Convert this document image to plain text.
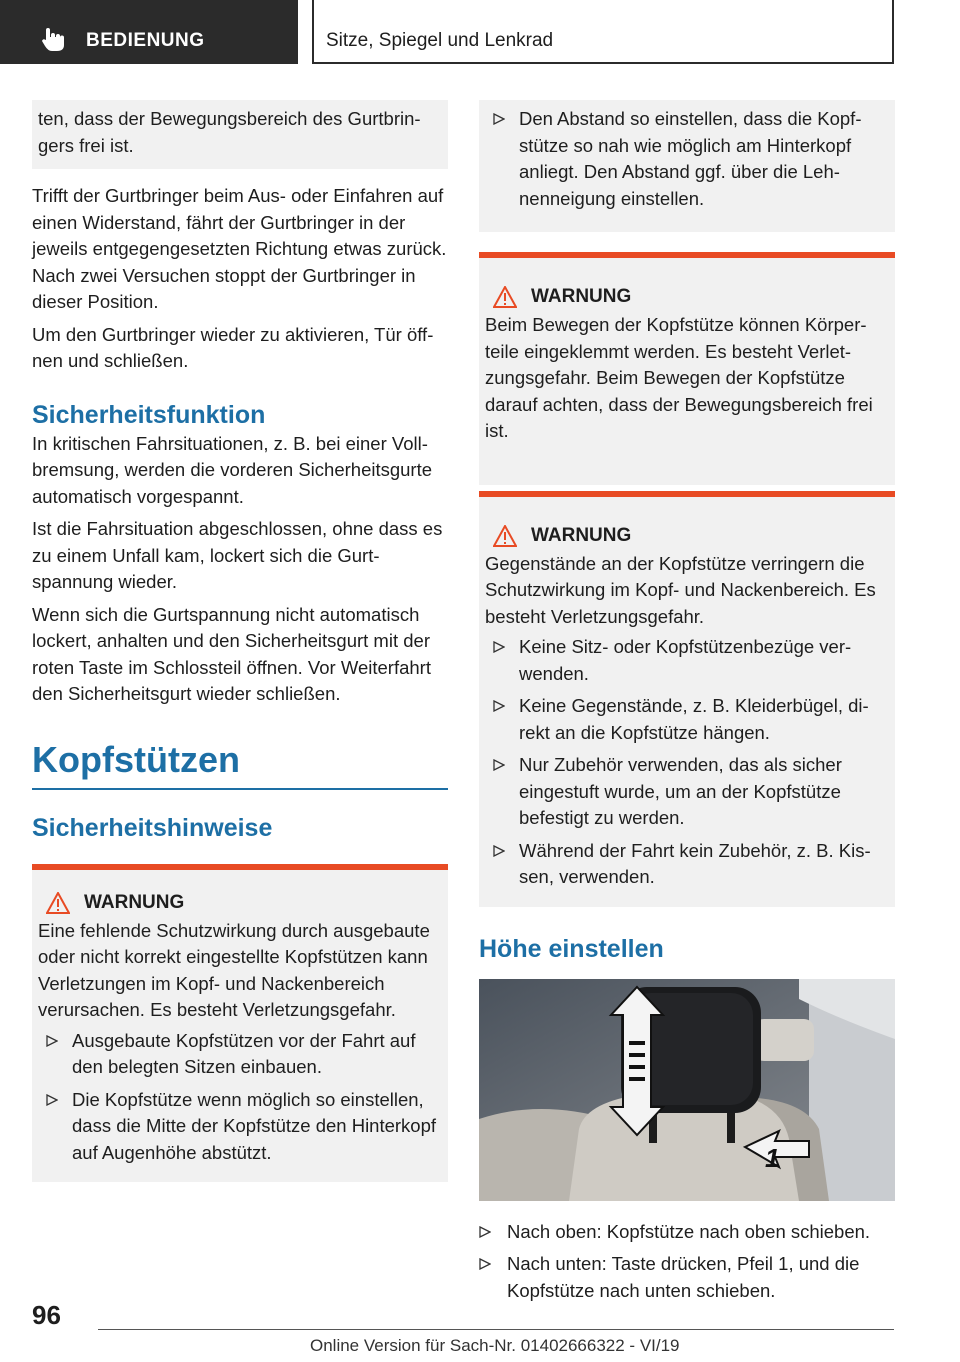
BEDIENUNG	Sitze, Spiegel und Lenkrad

ten, dass der Bewegungsbereich des Gurtbringers frei ist.

Trifft der Gurtbringer beim Aus- oder Einfahren auf einen Widerstand, fährt der Gurtbringer in der jeweils entgegengesetzten Richtung etwas zurück. Nach zwei Versuchen stoppt der Gurtbringer in dieser Position.

Um den Gurtbringer wieder zu aktivieren, Tür öffnen und schließen.

Sicherheitsfunktion

In kritischen Fahrsituationen, z. B. bei einer Vollbremsung, werden die vorderen Sicherheitsgurte automatisch vorgespannt.

Ist die Fahrsituation abgeschlossen, ohne dass es zu einem Unfall kam, lockert sich die Gurtspannung wieder.

Wenn sich die Gurtspannung nicht automatisch lockert, anhalten und den Sicherheitsgurt mit der roten Taste im Schlossteil öffnen. Vor Weiterfahrt den Sicherheitsgurt wieder schließen.

Kopfstützen
Sicherheitshinweise
WARNUNG

Eine fehlende Schutzwirkung durch ausgebaute oder nicht korrekt eingestellte Kopfstützen kann Verletzungen im Kopf- und Nackenbereich verursachen. Es besteht Verletzungsgefahr.

Ausgebaute Kopfstützen vor der Fahrt auf den belegten Sitzen einbauen.
Die Kopfstütze wenn möglich so einstellen, dass die Mitte der Kopfstütze den Hinterkopf auf Augenhöhe abstützt.
Den Abstand so einstellen, dass die Kopfstütze so nah wie möglich am Hinterkopf anliegt. Den Abstand ggf. über die Lehnenneigung einstellen.
WARNUNG

Beim Bewegen der Kopfstütze können Körperteile eingeklemmt werden. Es besteht Verletzungsgefahr. Beim Bewegen der Kopfstütze darauf achten, dass der Bewegungsbereich frei ist.

WARNUNG

Gegenstände an der Kopfstütze verringern die Schutzwirkung im Kopf- und Nackenbereich. Es besteht Verletzungsgefahr.

Keine Sitz- oder Kopfstützenbezüge verwenden.
Keine Gegenstände, z. B. Kleiderbügel, direkt an die Kopfstütze hängen.
Nur Zubehör verwenden, das als sicher eingestuft wurde, um an der Kopfstütze befestigt zu werden.
Während der Fahrt kein Zubehör, z. B. Kissen, verwenden.
Höhe einstellen
1
Nach oben: Kopfstütze nach oben schieben.
Nach unten: Taste drücken, Pfeil 1, und die Kopfstütze nach unten schieben.
96
Online Version für Sach-Nr. 01402666322 - VI/19
